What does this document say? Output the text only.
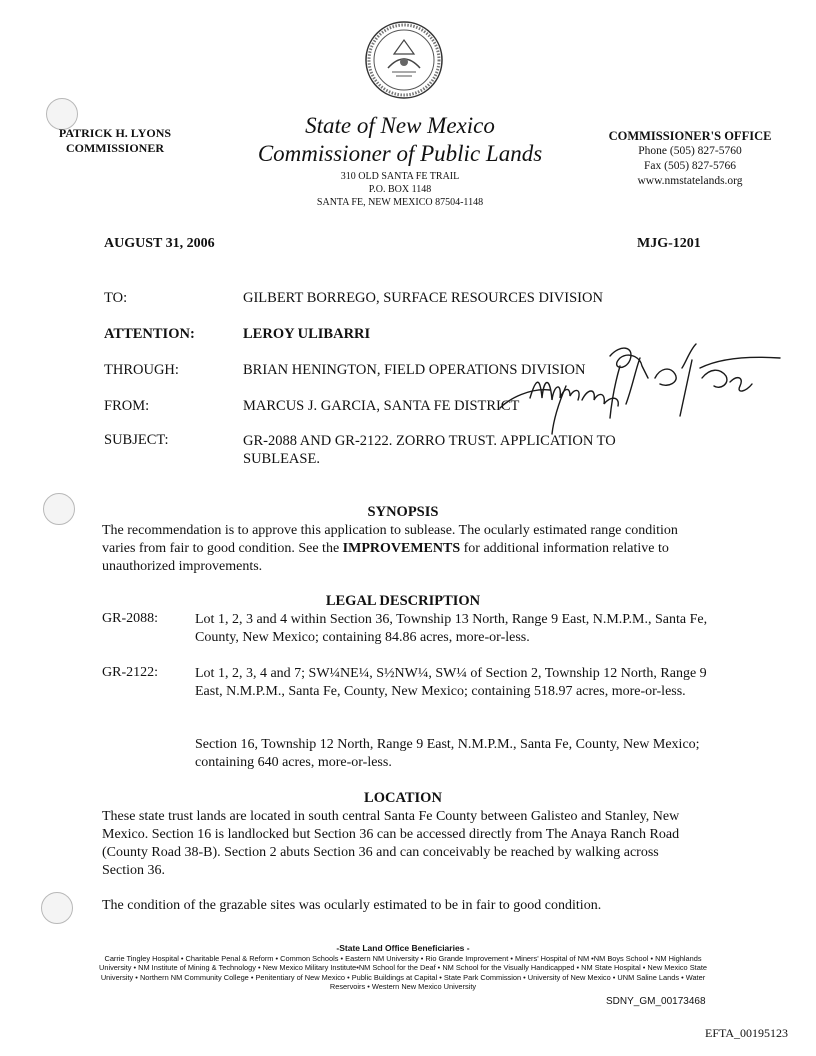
PATRICK H. LYONS
COMMISSIONER
State of New Mexico
Commissioner of Public Lands
310 OLD SANTA FE TRAIL
P.O. BOX 1148
SANTA FE, NEW MEXICO 87504-1148
COMMISSIONER'S OFFICE
Phone (505) 827-5760
Fax (505) 827-5766
www.nmstatelands.org
AUGUST 31, 2006	MJG-1201
TO:	GILBERT BORREGO, SURFACE RESOURCES DIVISION
ATTENTION:	LEROY ULIBARRI
THROUGH:	BRIAN HENINGTON, FIELD OPERATIONS DIVISION
FROM:	MARCUS J. GARCIA, SANTA FE DISTRICT
SUBJECT:	GR-2088 AND GR-2122. ZORRO TRUST. APPLICATION TO SUBLEASE.
SYNOPSIS
The recommendation is to approve this application to sublease. The ocularly estimated range condition varies from fair to good condition. See the IMPROVEMENTS for additional information relative to unauthorized improvements.
LEGAL DESCRIPTION
GR-2088:	Lot 1, 2, 3 and 4 within Section 36, Township 13 North, Range 9 East, N.M.P.M., Santa Fe, County, New Mexico; containing 84.86 acres, more-or-less.
GR-2122:	Lot 1, 2, 3, 4 and 7; SW¼NE¼, S½NW¼, SW¼ of Section 2, Township 12 North, Range 9 East, N.M.P.M., Santa Fe, County, New Mexico; containing 518.97 acres, more-or-less.
Section 16, Township 12 North, Range 9 East, N.M.P.M., Santa Fe, County, New Mexico; containing 640 acres, more-or-less.
LOCATION
These state trust lands are located in south central Santa Fe County between Galisteo and Stanley, New Mexico. Section 16 is landlocked but Section 36 can be accessed directly from The Anaya Ranch Road (County Road 38-B). Section 2 abuts Section 36 and can conceivably be reached by walking across Section 36.
The condition of the grazable sites was ocularly estimated to be in fair to good condition.
-State Land Office Beneficiaries -
Carrie Tingley Hospital • Charitable Penal & Reform • Common Schools • Eastern NM University • Rio Grande Improvement • Miners' Hospital of NM •NM Boys School • NM Highlands University • NM Institute of Mining & Technology • New Mexico Military Institute•NM School for the Deaf • NM School for the Visually Handicapped • NM State Hospital • New Mexico State University • Northern NM Community College • Penitentiary of New Mexico • Public Buildings at Capital • State Park Commission • University of New Mexico • UNM Saline Lands • Water Reservoirs • Western New Mexico University
SDNY_GM_00173468
EFTA_00195123
